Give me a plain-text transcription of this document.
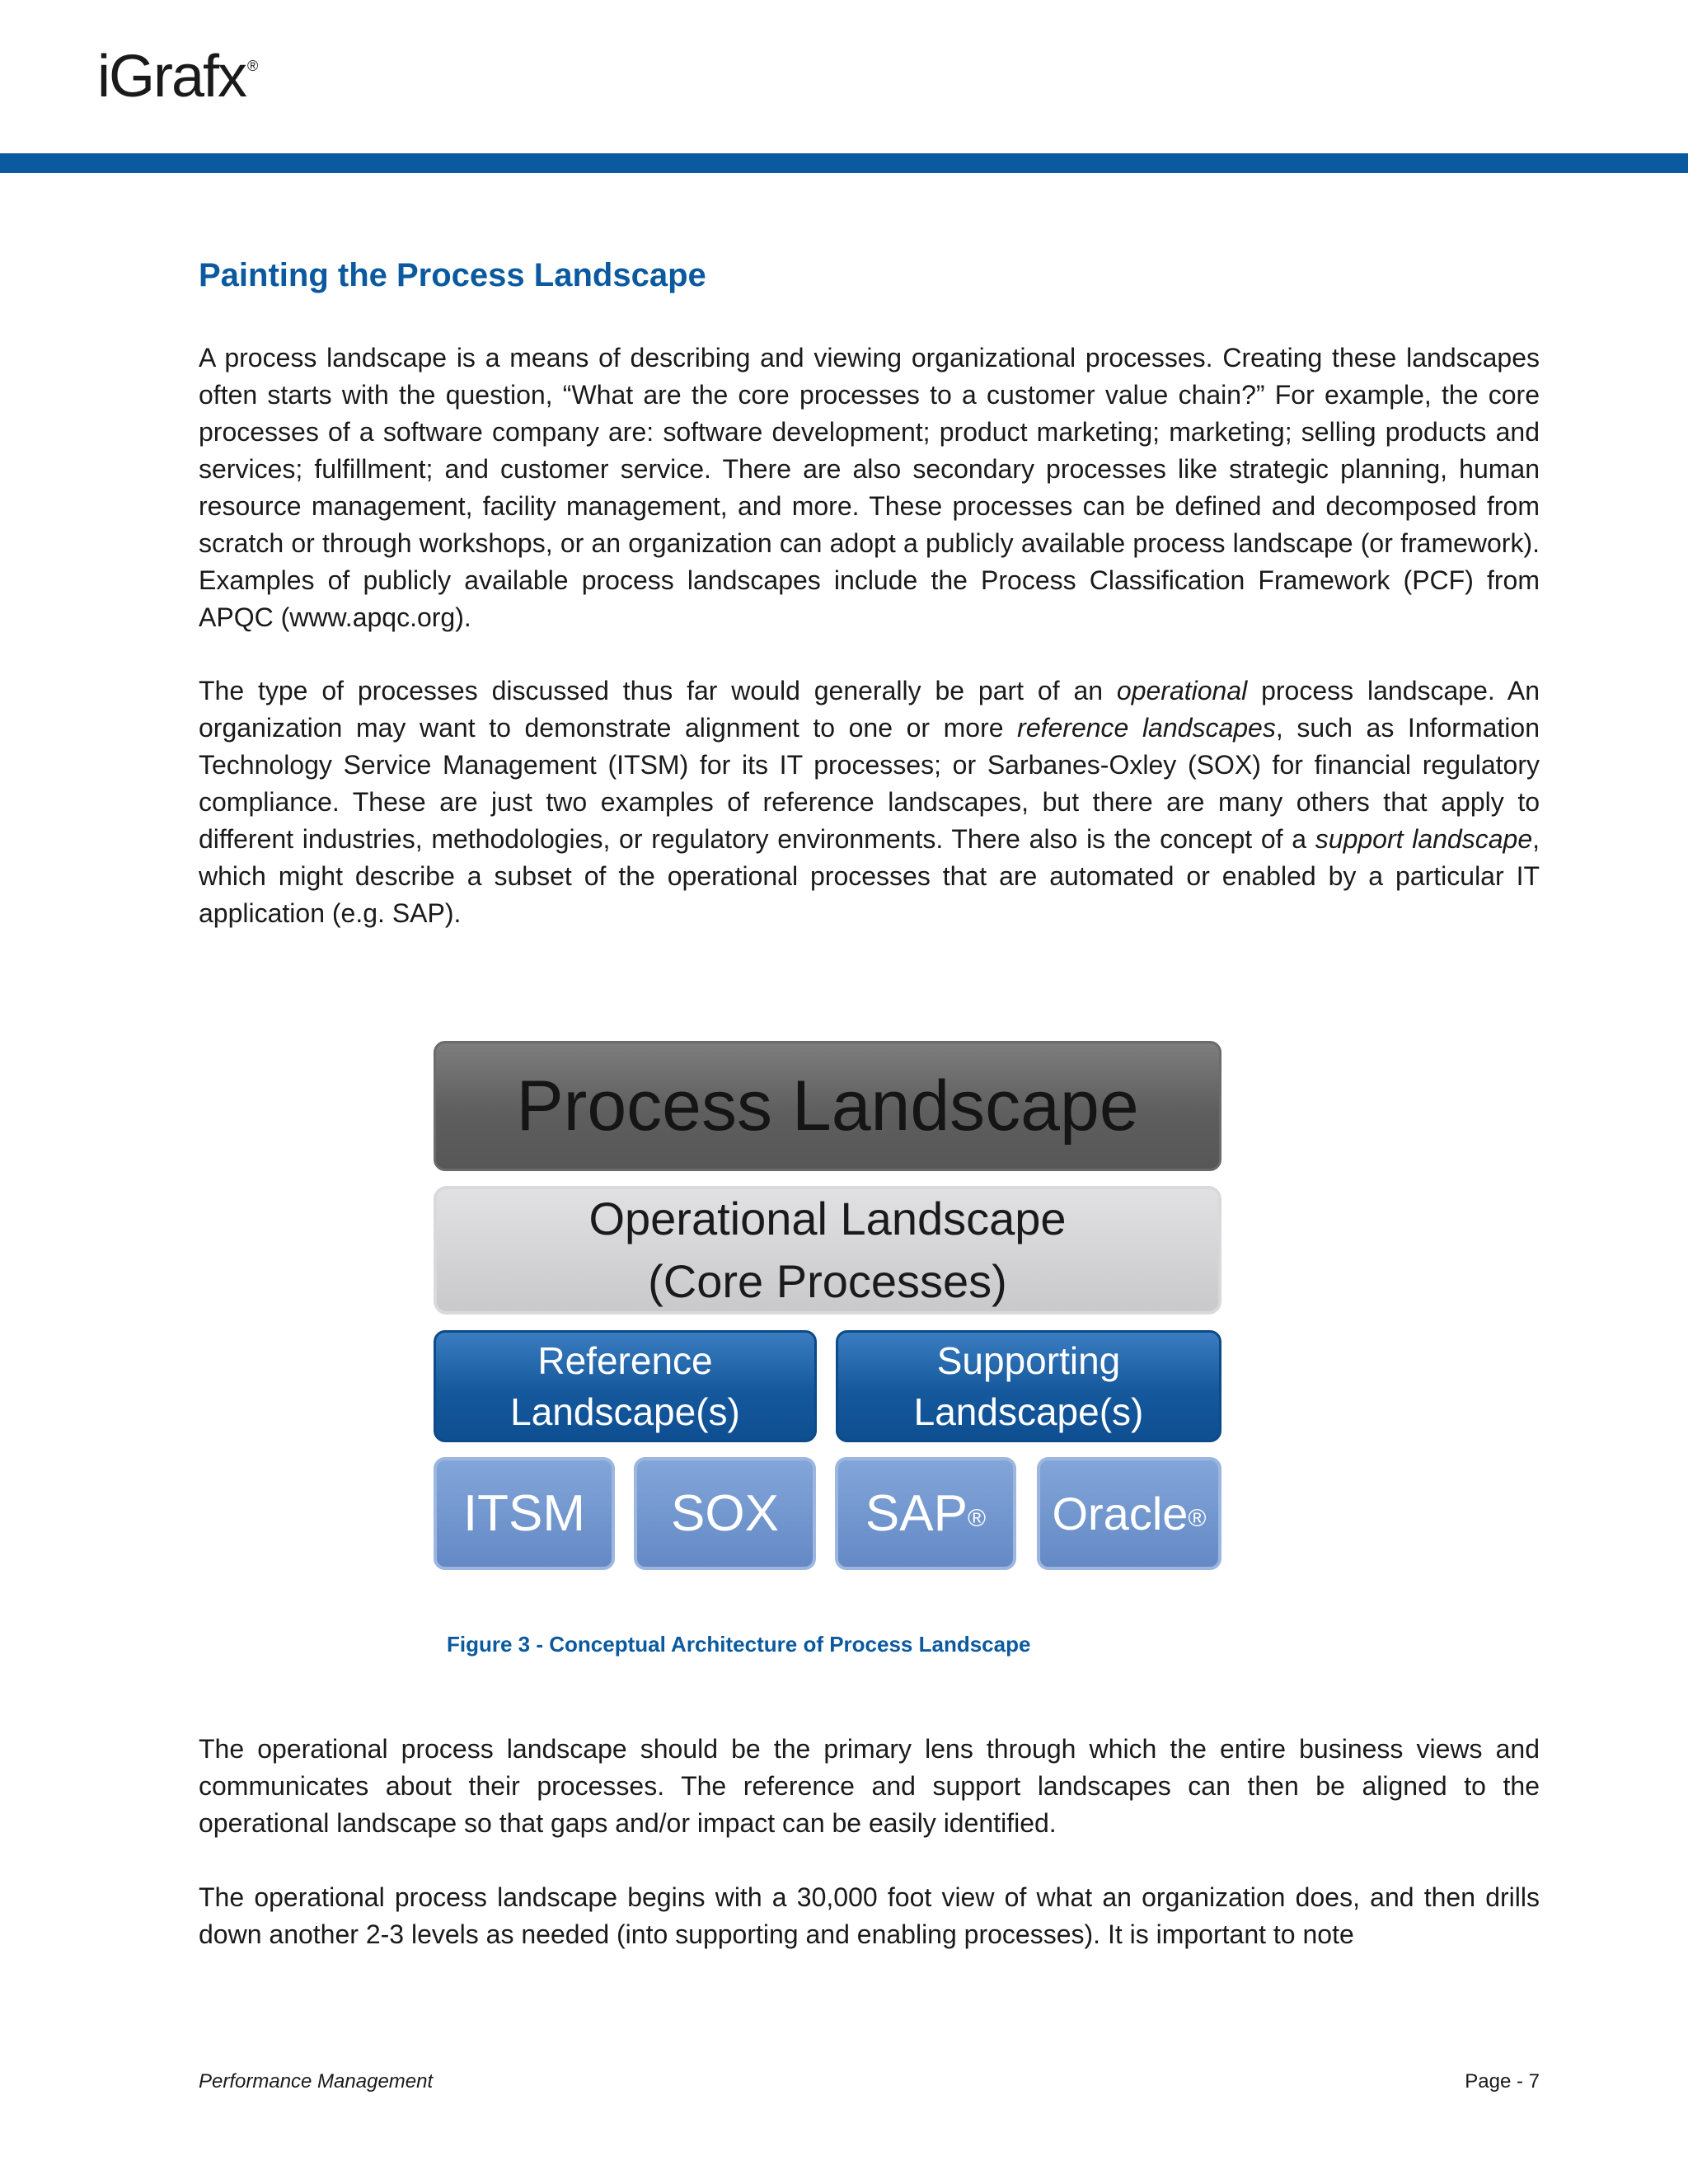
iGrafx ®
Painting the Process Landscape

A process landscape is a means of describing and viewing organizational processes. Creating these landscapes often starts with the question, “What are the core processes to a customer value chain?” For example, the core processes of a software company are: software development; product marketing; marketing; selling products and services; fulfillment; and customer service. There are also secondary processes like strategic planning, human resource management, facility management, and more. These processes can be defined and decomposed from scratch or through workshops, or an organization can adopt a publicly available process landscape (or framework). Examples of publicly available process landscapes include the Process Classification Framework (PCF) from APQC (www.apqc.org).

The type of processes discussed thus far would generally be part of an operational process landscape. An organization may want to demonstrate alignment to one or more reference landscapes, such as Information Technology Service Management (ITSM) for its IT processes; or Sarbanes-Oxley (SOX) for financial regulatory compliance. These are just two examples of reference landscapes, but there are many others that apply to different industries, methodologies, or regulatory environments. There also is the concept of a support landscape, which might describe a subset of the operational processes that are automated or enabled by a particular IT application (e.g. SAP).

Process Landscape
Operational Landscape
(Core Processes)
Reference
Landscape(s)
Supporting
Landscape(s)
ITSM SOX SAP ® Oracle ®

Figure 3 - Conceptual Architecture of Process Landscape

The operational process landscape should be the primary lens through which the entire business views and communicates about their processes. The reference and support landscapes can then be aligned to the operational landscape so that gaps and/or impact can be easily identified.

The operational process landscape begins with a 30,000 foot view of what an organization does, and then drills down another 2-3 levels as needed (into supporting and enabling processes). It is important to note

Performance Management	Page - 7
